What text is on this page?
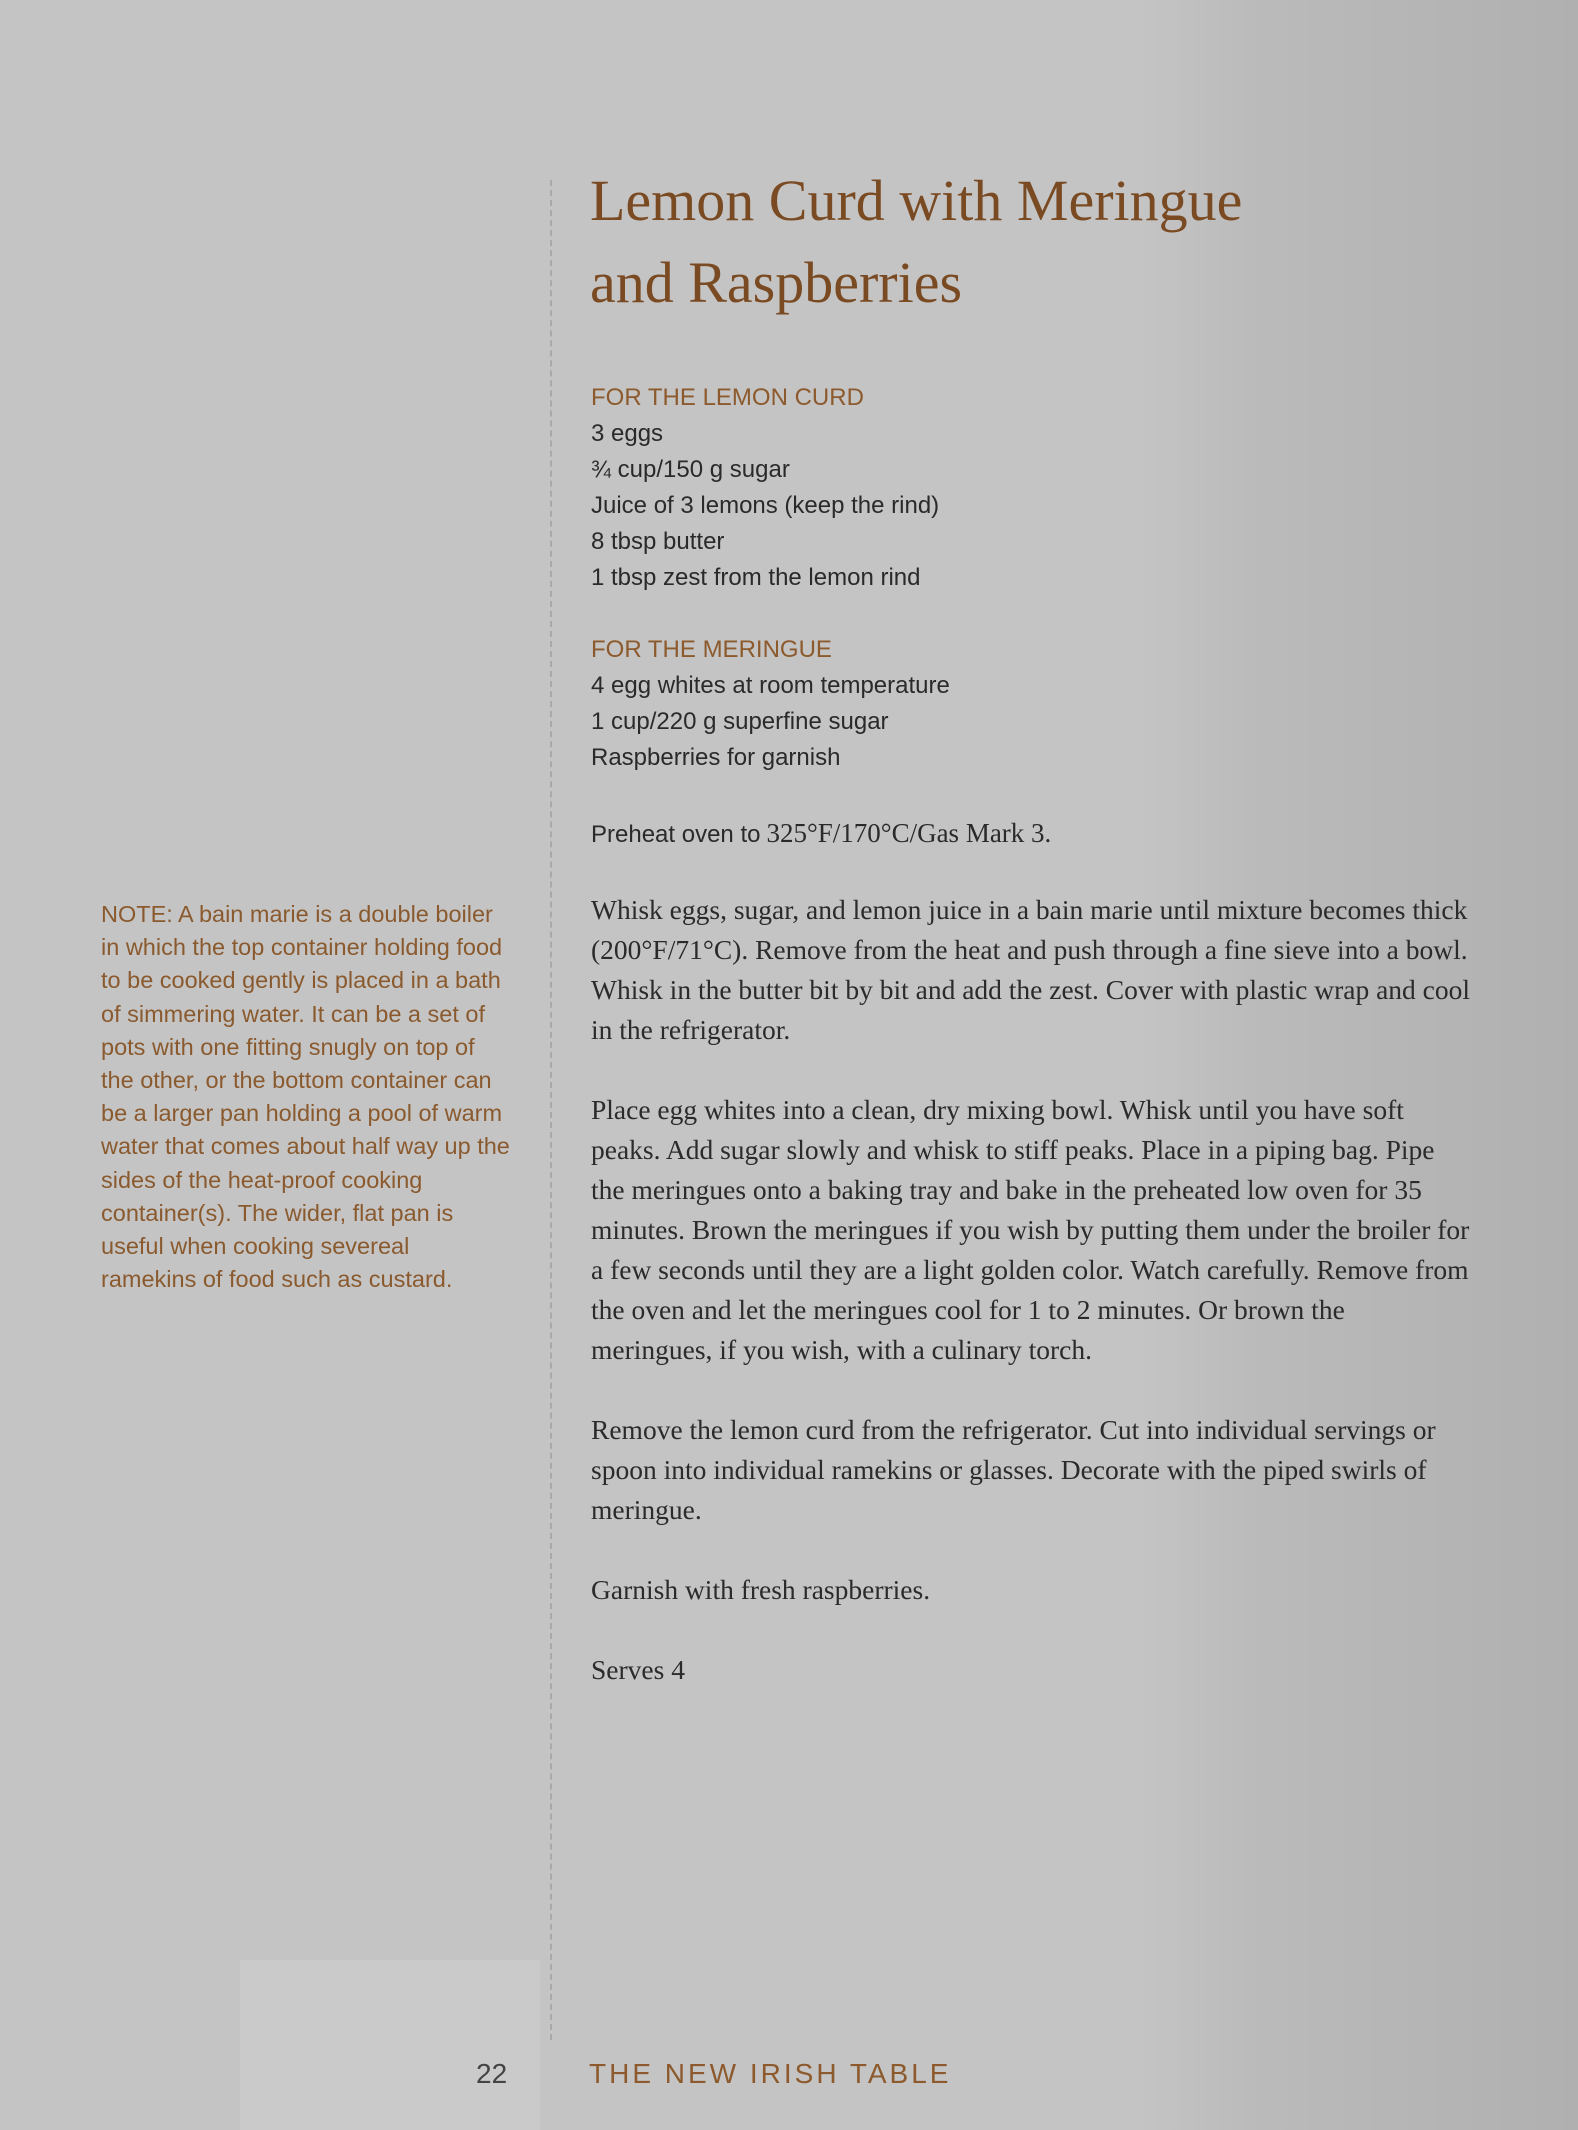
Lemon Curd with Meringue
and Raspberries
FOR THE LEMON CURD
3 eggs
¾ cup/150 g sugar
Juice of 3 lemons (keep the rind)
8 tbsp butter
1 tbsp zest from the lemon rind
FOR THE MERINGUE
4 egg whites at room temperature
1 cup/220 g superfine sugar
Raspberries for garnish
Preheat oven to 325°F/170°C/Gas Mark 3.

Whisk eggs, sugar, and lemon juice in a bain marie until mixture becomes thick (200°F/71°C). Remove from the heat and push through a fine sieve into a bowl. Whisk in the butter bit by bit and add the zest. Cover with plastic wrap and cool in the refrigerator.

Place egg whites into a clean, dry mixing bowl. Whisk until you have soft peaks. Add sugar slowly and whisk to stiff peaks. Place in a piping bag. Pipe the meringues onto a baking tray and bake in the preheated low oven for 35 minutes. Brown the meringues if you wish by putting them under the broiler for a few seconds until they are a light golden color. Watch carefully. Remove from the oven and let the meringues cool for 1 to 2 minutes. Or brown the meringues, if you wish, with a culinary torch.

Remove the lemon curd from the refrigerator. Cut into individual servings or spoon into individual ramekins or glasses. Decorate with the piped swirls of meringue.

Garnish with fresh raspberries.

Serves 4

NOTE: A bain marie is a double boiler in which the top container holding food to be cooked gently is placed in a bath of simmering water. It can be a set of pots with one fitting snugly on top of the other, or the bottom container can be a larger pan holding a pool of warm water that comes about half way up the sides of the heat-proof cooking container(s). The wider, flat pan is useful when cooking severeal ramekins of food such as custard.

22	THE NEW IRISH TABLE
